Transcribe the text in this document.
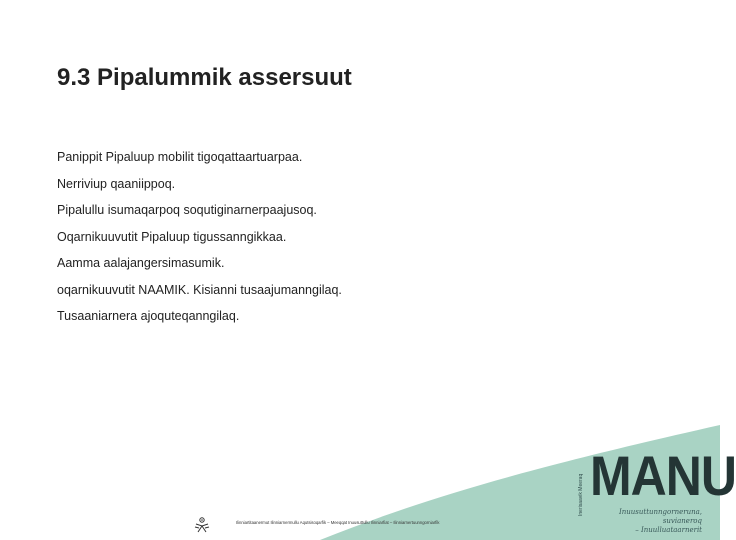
9.3 Pipalummik assersuut
Panippit Pipaluup mobilit tigoqattaartuarpaa.
Nerriviup qaaniippoq.
Pipalullu isumaqarpoq soqutiginarnerpaajusoq.
Oqarnikuuvutit Pipaluup tigussanngikkaa.
Aamma aalajangersimasumik.
oqarnikuuvutit NAAMIK. Kisianni tusaajumanngilaq.
Tusaaniarnera ajoquteqanngilaq.
Inerisaavik Meeraq MANU
Inuusuttunngorneruna, suvianeroq
– Inuulluataarnerit
Ilinniartitaanermut Ilinniarnermullu Aqutsisoqarfik – Meeqqat Inuusuttullu Ilinniarfiat – Ilinniarnertuunngorniarfik
